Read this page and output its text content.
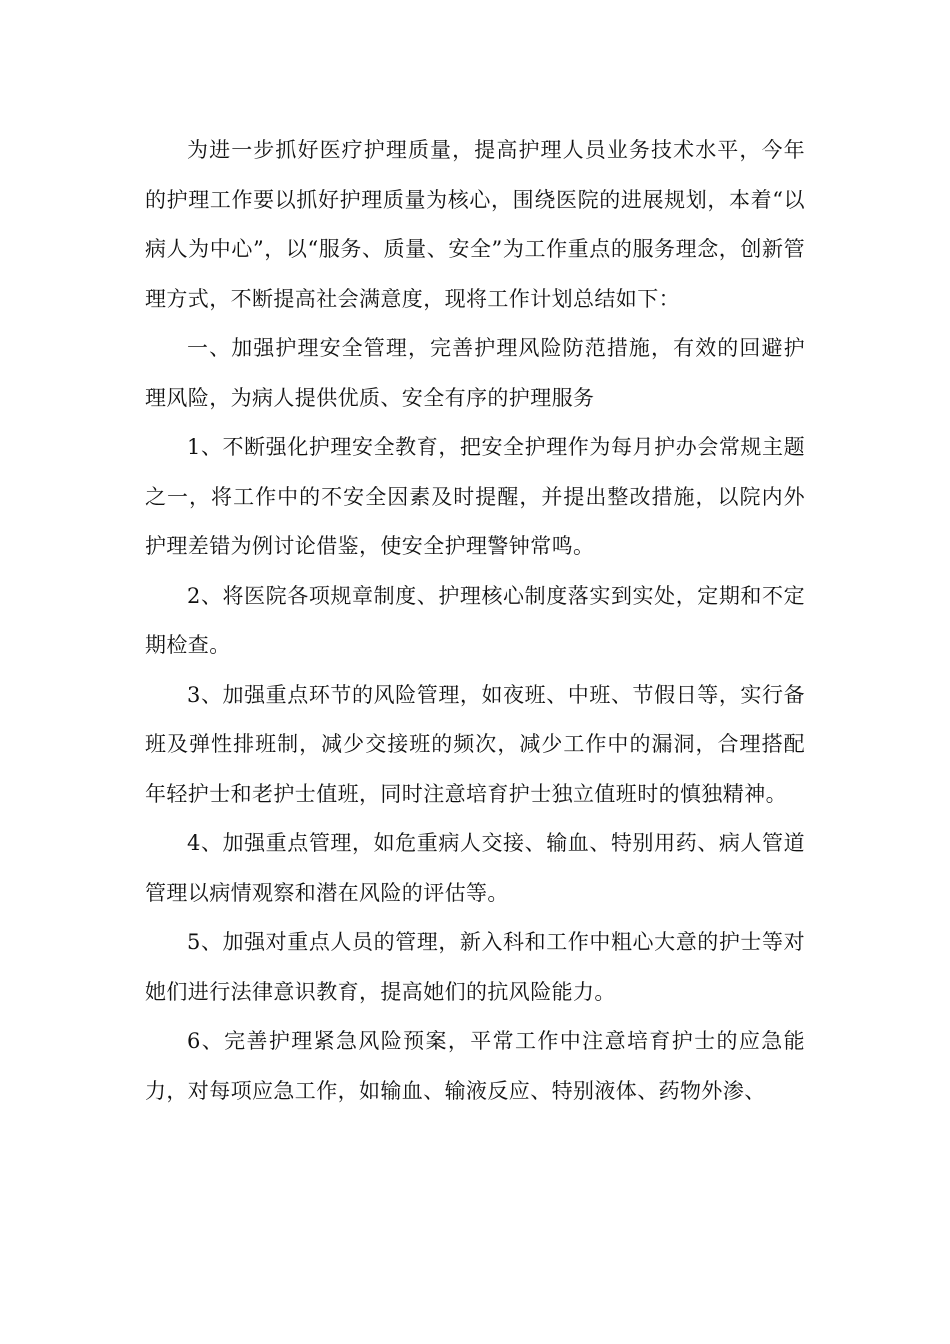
为进一步抓好医疗护理质量，提高护理人员业务技术水平，今年的护理工作要以抓好护理质量为核心，围绕医院的进展规划，本着“以病人为中心”，以“服务、质量、安全”为工作重点的服务理念，创新管理方式，不断提高社会满意度，现将工作计划总结如下：

一、加强护理安全管理，完善护理风险防范措施，有效的回避护理风险，为病人提供优质、安全有序的护理服务

1、不断强化护理安全教育，把安全护理作为每月护办会常规主题之一，将工作中的不安全因素及时提醒，并提出整改措施，以院内外护理差错为例讨论借鉴，使安全护理警钟常鸣。

2、将医院各项规章制度、护理核心制度落实到实处，定期和不定期检查。

3、加强重点环节的风险管理，如夜班、中班、节假日等，实行备班及弹性排班制，减少交接班的频次，减少工作中的漏洞，合理搭配年轻护士和老护士值班，同时注意培育护士独立值班时的慎独精神。

4、加强重点管理，如危重病人交接、输血、特别用药、病人管道管理以病情观察和潜在风险的评估等。

5、加强对重点人员的管理，新入科和工作中粗心大意的护士等对她们进行法律意识教育，提高她们的抗风险能力。

6、完善护理紧急风险预案，平常工作中注意培育护士的应急能力，对每项应急工作，如输血、输液反应、特别液体、药物外渗、
